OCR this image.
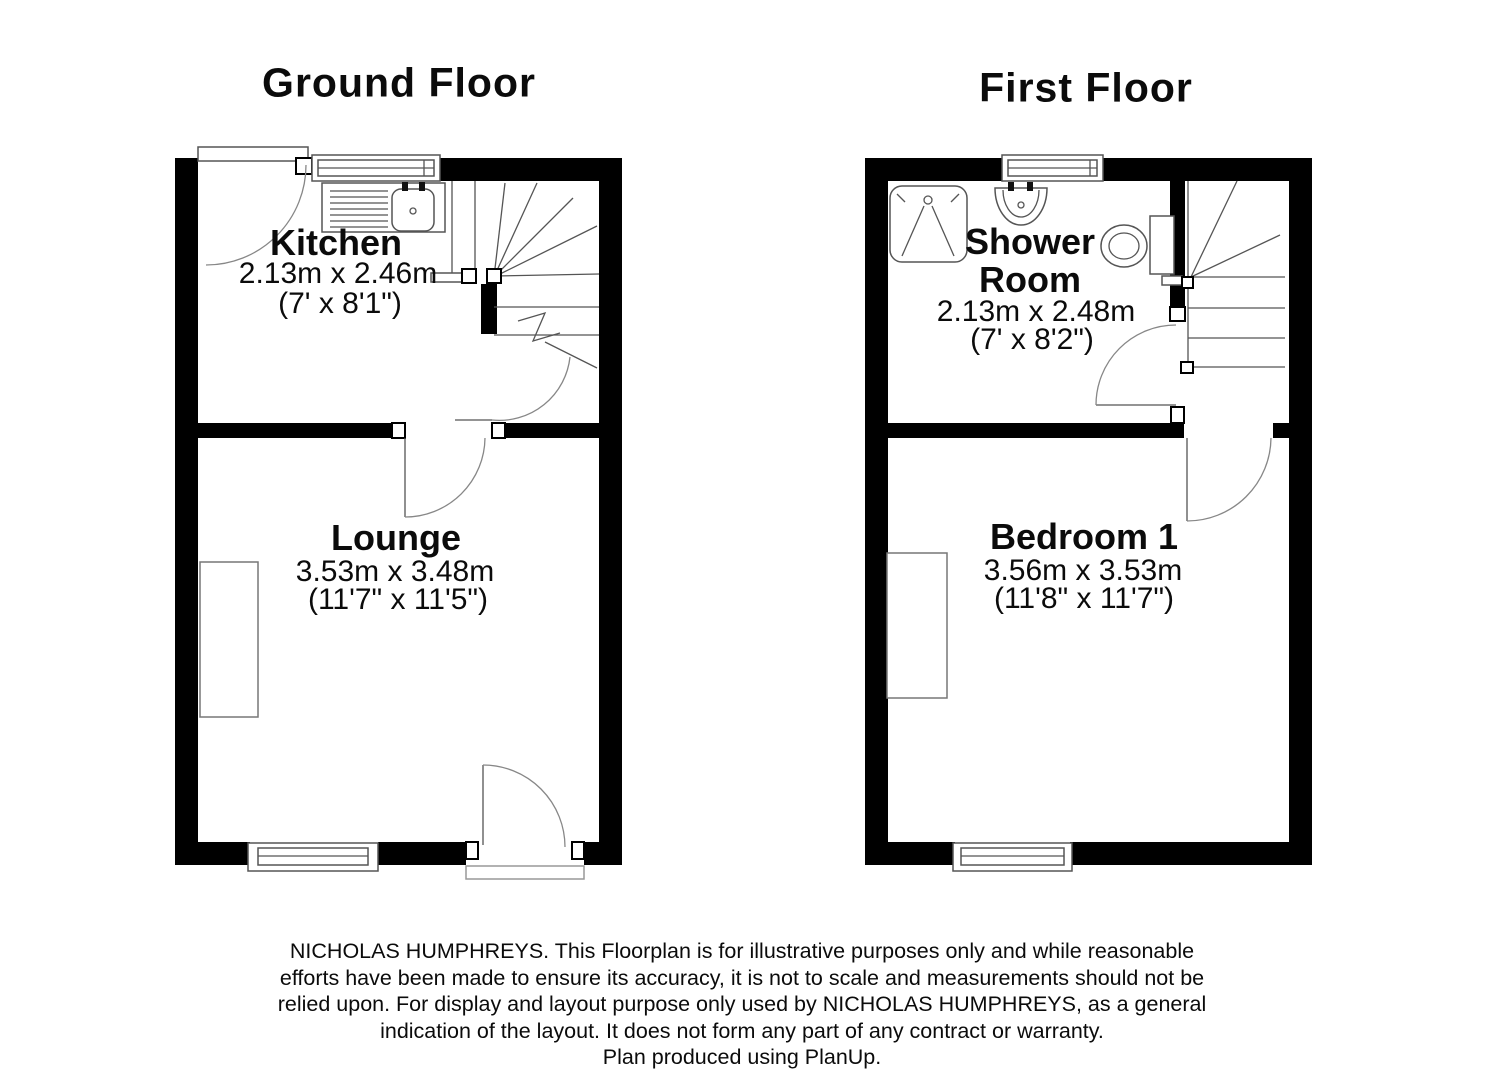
Ground Floor
Kitchen
2.13m x 2.46m
(7' x 8'1")
Lounge
3.53m x 3.48m
(11'7" x 11'5")
First Floor
Shower Room
2.13m x 2.48m
(7' x 8'2")
Bedroom 1
3.56m x 3.53m
(11'8" x 11'7")
NICHOLAS HUMPHREYS. This Floorplan is for illustrative purposes only and while reasonable
efforts have been made to ensure its accuracy, it is not to scale and measurements should not be
relied upon. For display and layout purpose only used by NICHOLAS HUMPHREYS, as a general
indication of the layout. It does not form any part of any contract or warranty.
Plan produced using PlanUp.
